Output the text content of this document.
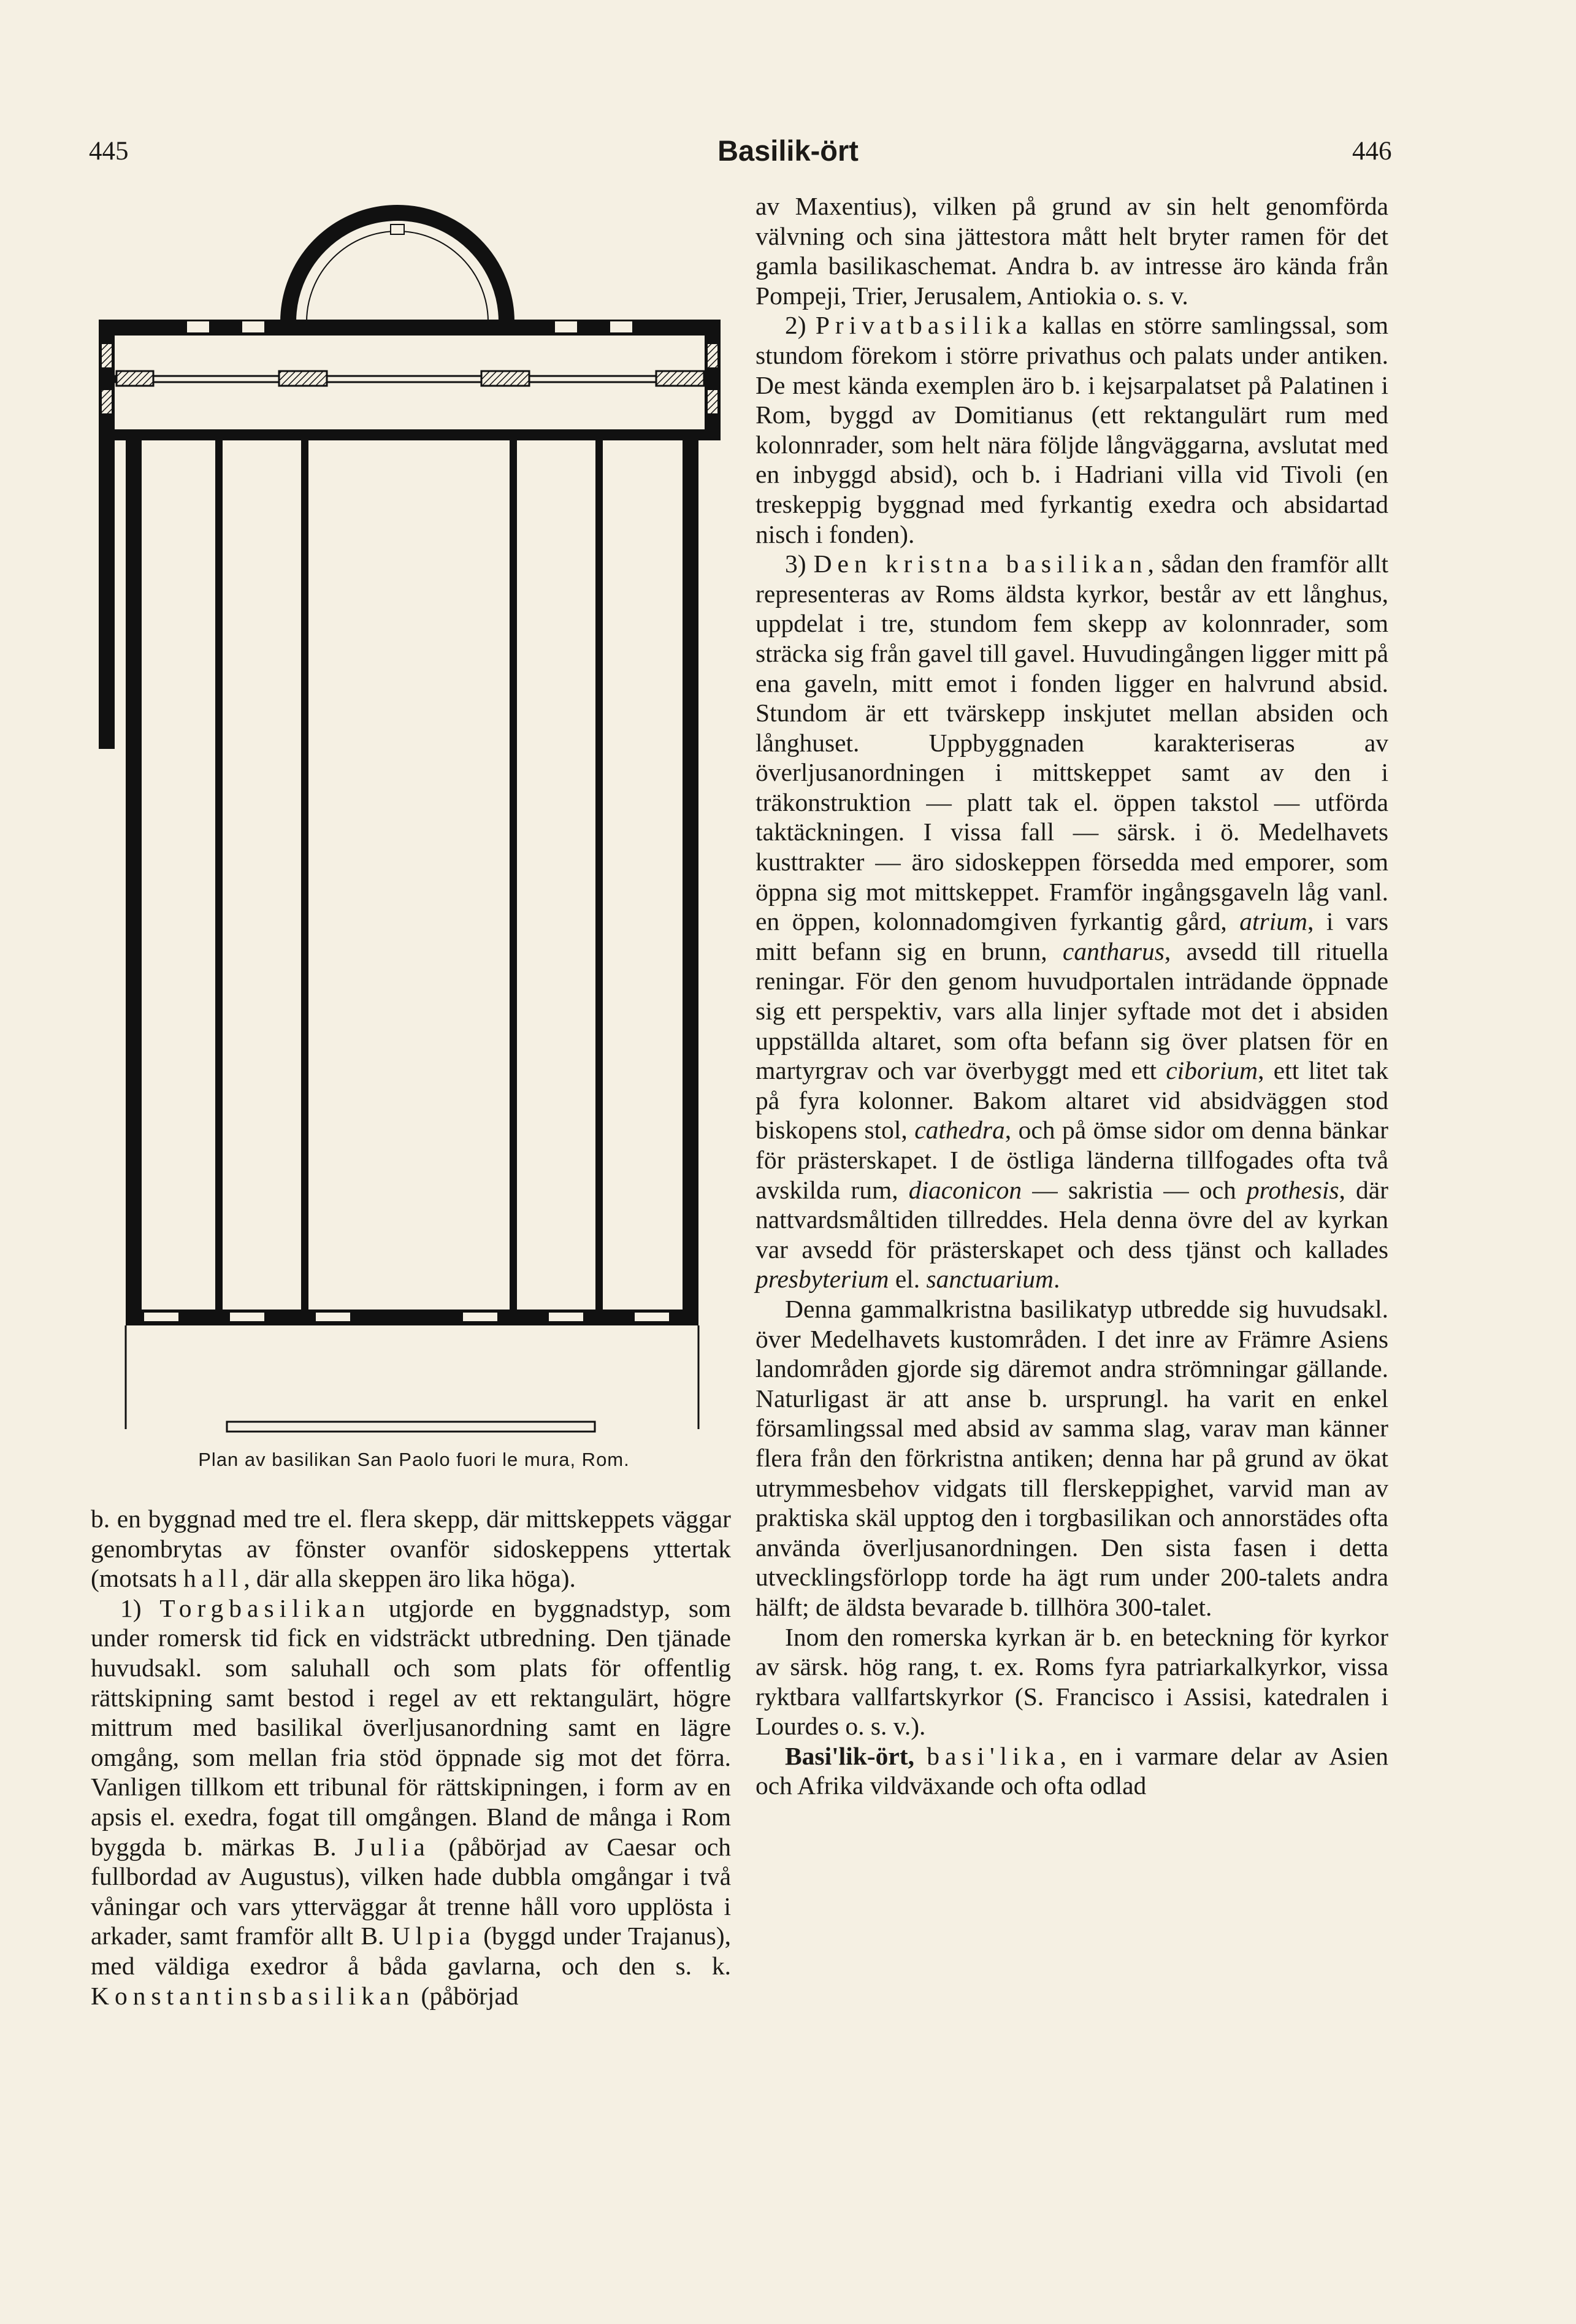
445	Basilik-ört	446
Plan av basilikan San Paolo fuori le mura, Rom.

b. en byggnad med tre el. flera skepp, där mittskeppets väggar genombrytas av fönster ovanför sidoskeppens yttertak (motsats hall, där alla skeppen äro lika höga).

1) Torgbasilikan utgjorde en byggnadstyp, som under romersk tid fick en vidsträckt utbredning. Den tjänade huvudsakl. som saluhall och som plats för offentlig rättskipning samt bestod i regel av ett rektangulärt, högre mittrum med basilikal överljusanordning samt en lägre omgång, som mellan fria stöd öppnade sig mot det förra. Vanligen tillkom ett tribunal för rättskipningen, i form av en apsis el. exedra, fogat till omgången. Bland de många i Rom byggda b. märkas B. Julia (påbörjad av Caesar och fullbordad av Augustus), vilken hade dubbla omgångar i två våningar och vars ytterväggar åt trenne håll voro upplösta i arkader, samt framför allt B. Ulpia (byggd under Trajanus), med väldiga exedror å båda gavlarna, och den s. k. Konstantinsbasilikan (påbörjad

av Maxentius), vilken på grund av sin helt genomförda välvning och sina jättestora mått helt bryter ramen för det gamla basilikaschemat. Andra b. av intresse äro kända från Pompeji, Trier, Jerusalem, Antiokia o. s. v.

2) Privatbasilika kallas en större samlingssal, som stundom förekom i större privathus och palats under antiken. De mest kända exemplen äro b. i kejsarpalatset på Palatinen i Rom, byggd av Domitianus (ett rektangulärt rum med kolonnrader, som helt nära följde långväggarna, avslutat med en inbyggd absid), och b. i Hadriani villa vid Tivoli (en treskeppig byggnad med fyrkantig exedra och absidartad nisch i fonden).

3) Den kristna basilikan, sådan den framför allt representeras av Roms äldsta kyrkor, består av ett långhus, uppdelat i tre, stundom fem skepp av kolonnrader, som sträcka sig från gavel till gavel. Huvudingången ligger mitt på ena gaveln, mitt emot i fonden ligger en halvrund absid. Stundom är ett tvärskepp inskjutet mellan absiden och långhuset. Uppbyggnaden karakteriseras av överljusanordningen i mittskeppet samt av den i träkonstruktion — platt tak el. öppen takstol — utförda taktäckningen. I vissa fall — särsk. i ö. Medelhavets kusttrakter — äro sidoskeppen försedda med emporer, som öppna sig mot mittskeppet. Framför ingångsgaveln låg vanl. en öppen, kolonnadomgiven fyrkantig gård, atrium, i vars mitt befann sig en brunn, cantharus, avsedd till rituella reningar. För den genom huvudportalen inträdande öppnade sig ett perspektiv, vars alla linjer syftade mot det i absiden uppställda altaret, som ofta befann sig över platsen för en martyrgrav och var överbyggt med ett ciborium, ett litet tak på fyra kolonner. Bakom altaret vid absidväggen stod biskopens stol, cathedra, och på ömse sidor om denna bänkar för prästerskapet. I de östliga länderna tillfogades ofta två avskilda rum, diaconicon — sakristia — och prothesis, där nattvardsmåltiden tillreddes. Hela denna övre del av kyrkan var avsedd för prästerskapet och dess tjänst och kallades presbyterium el. sanctuarium.

Denna gammalkristna basilikatyp utbredde sig huvudsakl. över Medelhavets kustområden. I det inre av Främre Asiens landområden gjorde sig däremot andra strömningar gällande. Naturligast är att anse b. ursprungl. ha varit en enkel församlingssal med absid av samma slag, varav man känner flera från den förkristna antiken; denna har på grund av ökat utrymmesbehov vidgats till flerskeppighet, varvid man av praktiska skäl upptog den i torgbasilikan och annorstädes ofta använda överljusanordningen. Den sista fasen i detta utvecklingsförlopp torde ha ägt rum under 200-talets andra hälft; de äldsta bevarade b. tillhöra 300-talet.

Inom den romerska kyrkan är b. en beteckning för kyrkor av särsk. hög rang, t. ex. Roms fyra patriarkalkyrkor, vissa ryktbara vallfartskyrkor (S. Francisco i Assisi, katedralen i Lourdes o. s. v.).

Basi'lik-ört, basi'lika, en i varmare delar av Asien och Afrika vildväxande och ofta odlad
